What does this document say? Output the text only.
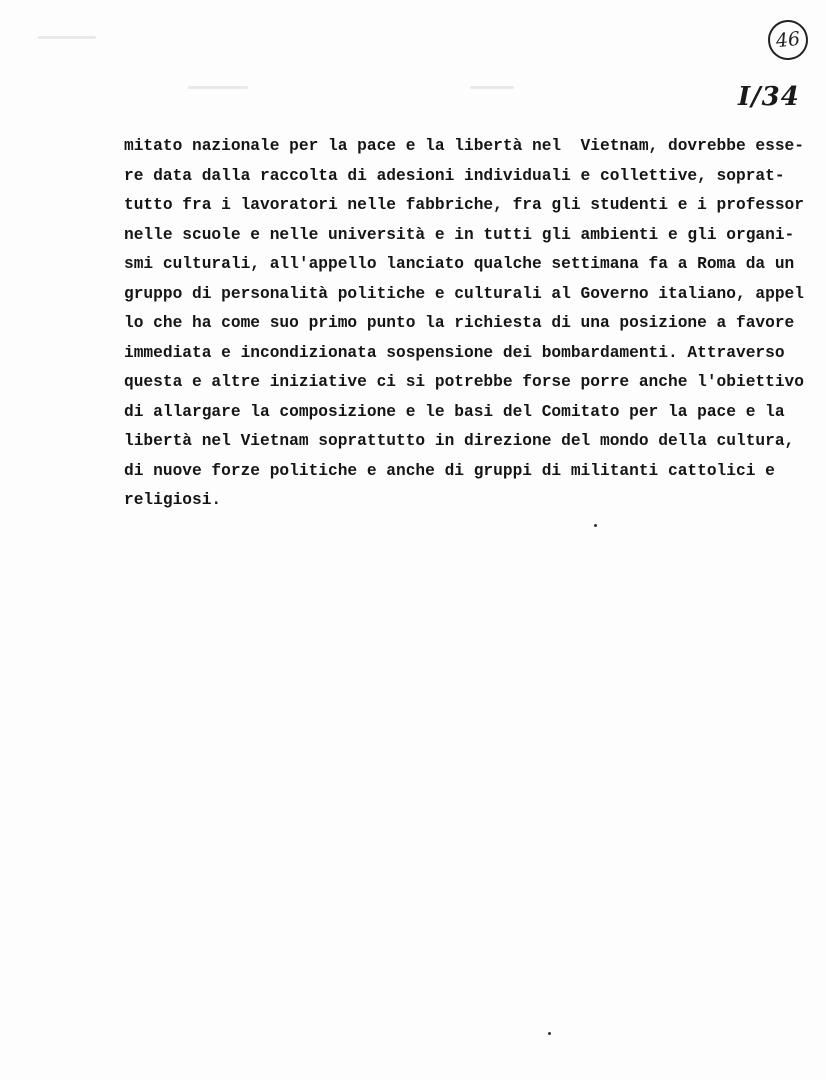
46
I/34
mitato nazionale per la pace e la libertà nel  Vietnam, dovrebbe esse-
re data dalla raccolta di adesioni individuali e collettive, soprat-
tutto fra i lavoratori nelle fabbriche, fra gli studenti e i professor
nelle scuole e nelle università e in tutti gli ambienti e gli organi-
smi culturali, all'appello lanciato qualche settimana fa a Roma da un
gruppo di personalità politiche e culturali al Governo italiano, appel
lo che ha come suo primo punto la richiesta di una posizione a favore
immediata e incondizionata sospensione dei bombardamenti. Attraverso
questa e altre iniziative ci si potrebbe forse porre anche l'obiettivo
di allargare la composizione e le basi del Comitato per la pace e la
libertà nel Vietnam soprattutto in direzione del mondo della cultura,
di nuove forze politiche e anche di gruppi di militanti cattolici e
religiosi.
